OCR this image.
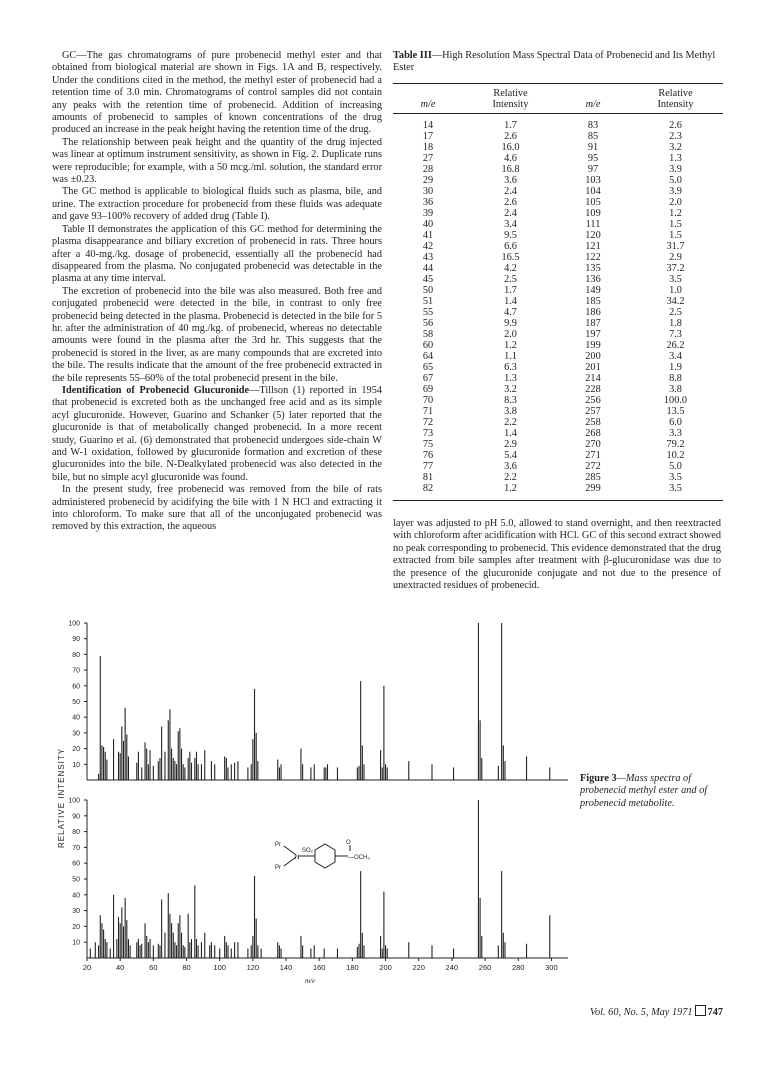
GC—The gas chromatograms of pure probenecid methyl ester and that obtained from biological material are shown in Figs. 1A and B, respectively. Under the conditions cited in the method, the methyl ester of probenecid had a retention time of 3.0 min. Chromatograms of control samples did not contain any peaks with the retention time of probenecid. Addition of increasing amounts of probenecid to samples of known concentrations of the drug produced an increase in the peak height having the retention time of the drug.

The relationship between peak height and the quantity of the drug injected was linear at optimum instrument sensitivity, as shown in Fig. 2. Duplicate runs were reproducible; for example, with a 50 mcg./ml. solution, the standard error was ±0.23.

The GC method is applicable to biological fluids such as plasma, bile, and urine. The extraction procedure for probenecid from these fluids was adequate and gave 93–100% recovery of added drug (Table I).

Table II demonstrates the application of this GC method for determining the plasma disappearance and biliary excretion of probenecid in rats. Three hours after a 40-mg./kg. dosage of probenecid, essentially all the probenecid had disappeared from the plasma. No conjugated probenecid was detectable in the plasma at any time interval.

The excretion of probenecid into the bile was also measured. Both free and conjugated probenecid were detected in the bile, in contrast to only free probenecid being detected in the plasma. Probenecid is detected in the bile for 5 hr. after the administration of 40 mg./kg. of probenecid, whereas no detectable amounts were found in the plasma after the 3rd hr. This suggests that the probenecid is stored in the liver, as are many compounds that are excreted into the bile. The results indicate that the amount of the free probenecid extracted in the bile represents 55–60% of the total probenecid present in the bile.

Identification of Probenecid Glucuronide—Tillson (1) reported in 1954 that probenecid is excreted both as the unchanged free acid and as its simple acyl glucuronide. However, Guarino and Schanker (5) later reported that the glucuronide is that of metabolically changed probenecid. In a more recent study, Guarino et al. (6) demonstrated that probenecid undergoes side-chain W and W-1 oxidation, followed by glucuronide formation and excretion of these glucuronides into the bile. N-Dealkylated probenecid was also detected in the bile, but no simple acyl glucuronide was found.

In the present study, free probenecid was removed from the bile of rats administered probenecid by acidifying the bile with 1 N HCl and extracting it into chloroform. To make sure that all of the unconjugated probenecid was removed by this extraction, the aqueous

Table III—High Resolution Mass Spectral Data of Probenecid and Its Methyl Ester
m/e	Relative
Intensity	m/e	Relative
Intensity
14	1.7	83	2.6
17	2.6	85	2.3
18	16.0	91	3.2
27	4.6	95	1.3
28	16.8	97	3.9
29	3.6	103	5.0
30	2.4	104	3.9
36	2.6	105	2.0
39	2.4	109	1.2
40	3.4	111	1.5
41	9.5	120	1.5
42	6.6	121	31.7
43	16.5	122	2.9
44	4.2	135	37.2
45	2.5	136	3.5
50	1.7	149	1.0
51	1.4	185	34.2
55	4.7	186	2.5
56	9.9	187	1.8
58	2.0	197	7.3
60	1.2	199	26.2
64	1.1	200	3.4
65	6.3	201	1.9
67	1.3	214	8.8
69	3.2	228	3.8
70	8.3	256	100.0
71	3.8	257	13.5
72	2.2	258	6.0
73	1.4	268	3.3
75	2.9	270	79.2
76	5.4	271	10.2
77	3.6	272	5.0
81	2.2	285	3.5
82	1.2	299	3.5

layer was adjusted to pH 5.0, allowed to stand overnight, and then reextracted with chloroform after acidification with HCl. GC of this second extract showed no peak corresponding to probenecid. This evidence demonstrated that the drug extracted from bile samples after treatment with β-glucuronidase was due to the presence of the glucuronide conjugate and not due to the presence of unextracted residues of probenecid.

10
20
30
40
50
60
70
80
90
100
10
20
30
40
50
60
70
80
90
100
20	40	60	80	100	120	140	160	180	200	220	240	260	280	300
RELATIVE INTENSITY
m/e
Pr
Pr
N
SO₂
O
—OCH₃
Figure 3—Mass spectra of probenecid methyl ester and of probenecid metabolite.
Vol. 60, No. 5, May 1971 747
